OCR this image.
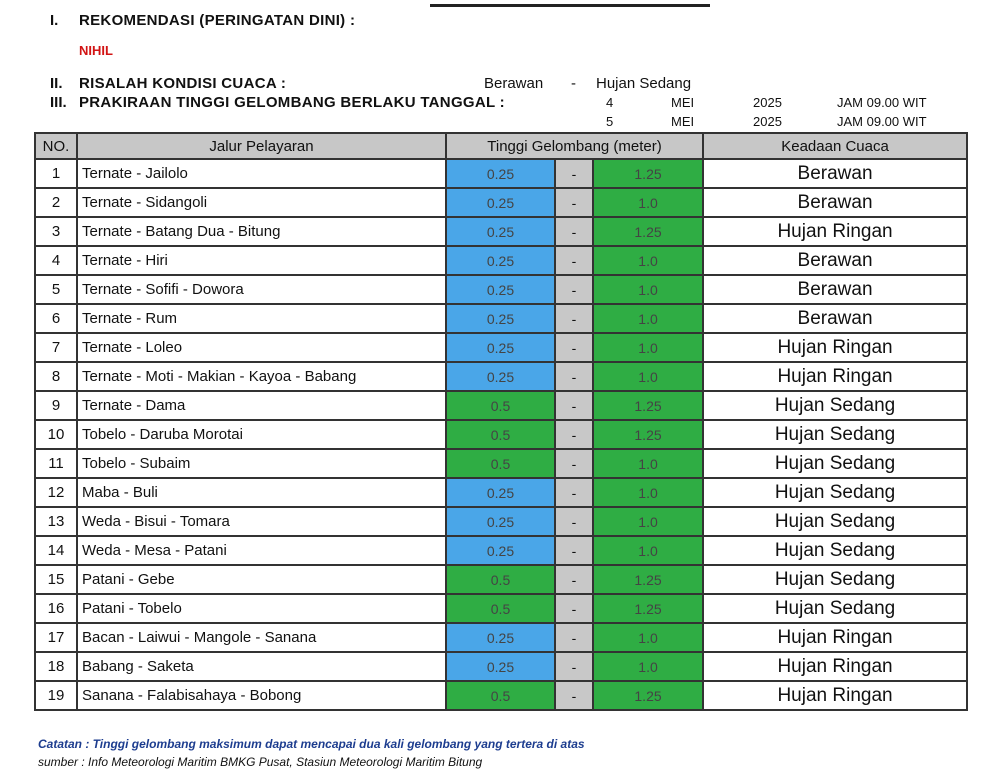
I. REKOMENDASI (PERINGATAN DINI) :
NIHIL
II. RISALAH KONDISI CUACA :	Berawan - Hujan Sedang
III. PRAKIRAAN TINGGI GELOMBANG BERLAKU TANGGAL :	4	MEI	2025	JAM 09.00 WIT
5	MEI	2025	JAM 09.00 WIT
NO.	Jalur Pelayaran	Tinggi Gelombang (meter)			Keadaan Cuaca
1	Ternate - Jailolo	0.25	-	1.25	Berawan
2	Ternate - Sidangoli	0.25	-	1.0	Berawan
3	Ternate - Batang Dua - Bitung	0.25	-	1.25	Hujan Ringan
4	Ternate - Hiri	0.25	-	1.0	Berawan
5	Ternate - Sofifi - Dowora	0.25	-	1.0	Berawan
6	Ternate - Rum	0.25	-	1.0	Berawan
7	Ternate - Loleo	0.25	-	1.0	Hujan Ringan
8	Ternate - Moti - Makian - Kayoa - Babang	0.25	-	1.0	Hujan Ringan
9	Ternate - Dama	0.5	-	1.25	Hujan Sedang
10	Tobelo - Daruba Morotai	0.5	-	1.25	Hujan Sedang
11	Tobelo - Subaim	0.5	-	1.0	Hujan Sedang
12	Maba - Buli	0.25	-	1.0	Hujan Sedang
13	Weda - Bisui - Tomara	0.25	-	1.0	Hujan Sedang
14	Weda - Mesa - Patani	0.25	-	1.0	Hujan Sedang
15	Patani - Gebe	0.5	-	1.25	Hujan Sedang
16	Patani - Tobelo	0.5	-	1.25	Hujan Sedang
17	Bacan - Laiwui - Mangole - Sanana	0.25	-	1.0	Hujan Ringan
18	Babang - Saketa	0.25	-	1.0	Hujan Ringan
19	Sanana - Falabisahaya - Bobong	0.5	-	1.25	Hujan Ringan
Catatan : Tinggi gelombang maksimum dapat mencapai dua kali gelombang yang tertera di atas
sumber : Info Meteorologi Maritim BMKG Pusat, Stasiun Meteorologi Maritim Bitung
